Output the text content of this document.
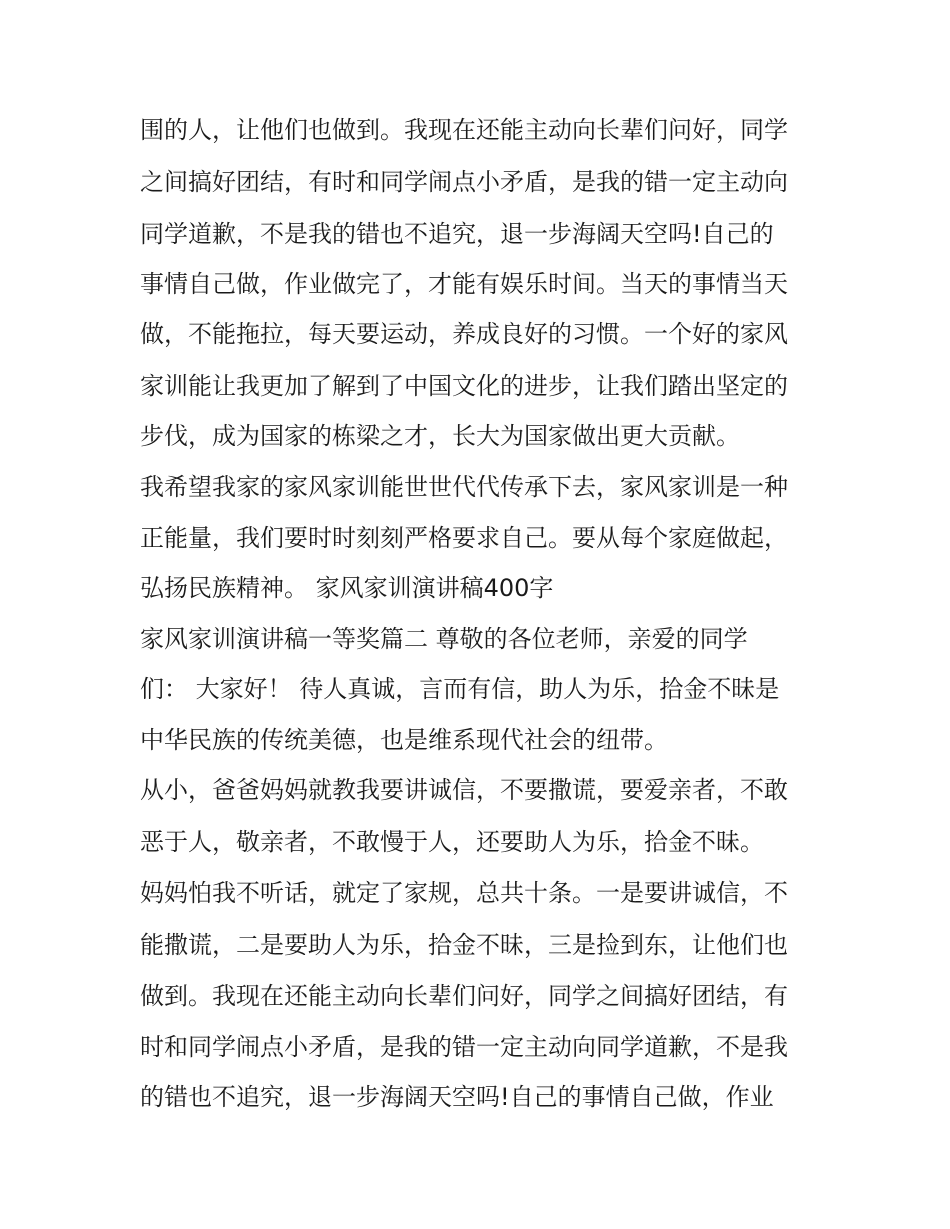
围的人，让他们也做到。我现在还能主动向长辈们问好，同学
之间搞好团结，有时和同学闹点小矛盾，是我的错一定主动向
同学道歉，不是我的错也不追究，退一步海阔天空吗!自己的
事情自己做，作业做完了，才能有娱乐时间。当天的事情当天
做，不能拖拉，每天要运动，养成良好的习惯。一个好的家风
家训能让我更加了解到了中国文化的进步，让我们踏出坚定的
步伐，成为国家的栋梁之才，长大为国家做出更大贡献。
我希望我家的家风家训能世世代代传承下去，家风家训是一种
正能量，我们要时时刻刻严格要求自己。要从每个家庭做起，
弘扬民族精神。 家风家训演讲稿400字
家风家训演讲稿一等奖篇二 尊敬的各位老师，亲爱的同学
们： 大家好！ 待人真诚，言而有信，助人为乐，拾金不昧是
中华民族的传统美德，也是维系现代社会的纽带。
从小，爸爸妈妈就教我要讲诚信，不要撒谎，要爱亲者，不敢
恶于人，敬亲者，不敢慢于人，还要助人为乐，拾金不昧。
妈妈怕我不听话，就定了家规，总共十条。一是要讲诚信，不
能撒谎，二是要助人为乐，拾金不昧，三是捡到东，让他们也
做到。我现在还能主动向长辈们问好，同学之间搞好团结，有
时和同学闹点小矛盾，是我的错一定主动向同学道歉，不是我
的错也不追究，退一步海阔天空吗!自己的事情自己做，作业
